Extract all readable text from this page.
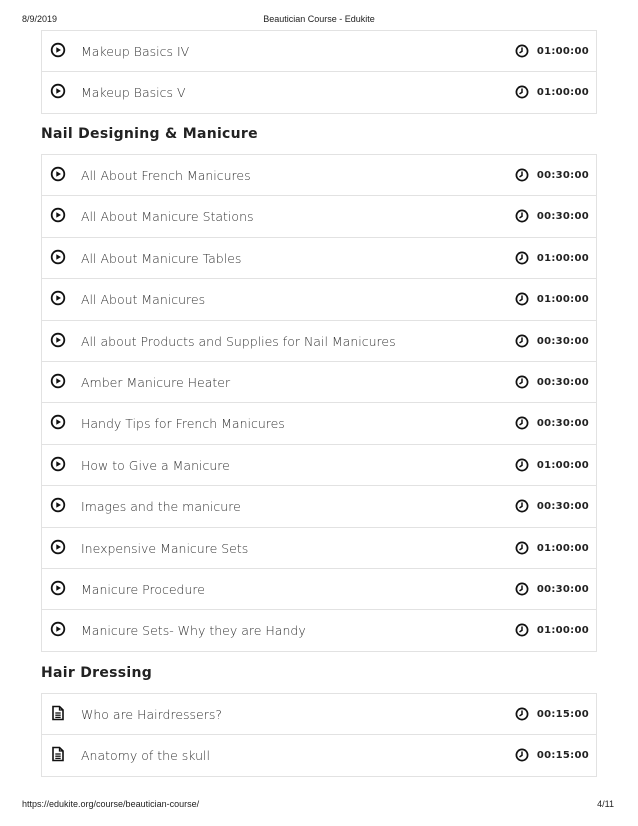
8/9/2019	Beautician Course - Edukite
Makeup Basics IV	01:00:00
Makeup Basics V	01:00:00
Nail Designing & Manicure
All About French Manicures	00:30:00
All About Manicure Stations	00:30:00
All About Manicure Tables	01:00:00
All About Manicures	01:00:00
All about Products and Supplies for Nail Manicures	00:30:00
Amber Manicure Heater	00:30:00
Handy Tips for French Manicures	00:30:00
How to Give a Manicure	01:00:00
Images and the manicure	00:30:00
Inexpensive Manicure Sets	01:00:00
Manicure Procedure	00:30:00
Manicure Sets- Why they are Handy	01:00:00
Hair Dressing
Who are Hairdressers?	00:15:00
Anatomy of the skull	00:15:00
https://edukite.org/course/beautician-course/	4/11
